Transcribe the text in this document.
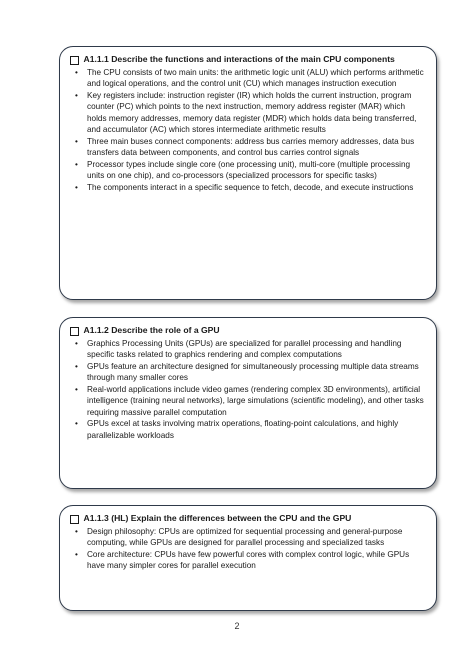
A1.1.1 Describe the functions and interactions of the main CPU components
• The CPU consists of two main units: the arithmetic logic unit (ALU) which performs arithmetic and logical operations, and the control unit (CU) which manages instruction execution
• Key registers include: instruction register (IR) which holds the current instruction, program counter (PC) which points to the next instruction, memory address register (MAR) which holds memory addresses, memory data register (MDR) which holds data being transferred, and accumulator (AC) which stores intermediate arithmetic results
• Three main buses connect components: address bus carries memory addresses, data bus transfers data between components, and control bus carries control signals
• Processor types include single core (one processing unit), multi-core (multiple processing units on one chip), and co-processors (specialized processors for specific tasks)
• The components interact in a specific sequence to fetch, decode, and execute instructions
A1.1.2 Describe the role of a GPU
• Graphics Processing Units (GPUs) are specialized for parallel processing and handling specific tasks related to graphics rendering and complex computations
• GPUs feature an architecture designed for simultaneously processing multiple data streams through many smaller cores
• Real-world applications include video games (rendering complex 3D environments), artificial intelligence (training neural networks), large simulations (scientific modeling), and other tasks requiring massive parallel computation
• GPUs excel at tasks involving matrix operations, floating-point calculations, and highly parallelizable workloads
A1.1.3 (HL) Explain the differences between the CPU and the GPU
• Design philosophy: CPUs are optimized for sequential processing and general-purpose computing, while GPUs are designed for parallel processing and specialized tasks
• Core architecture: CPUs have few powerful cores with complex control logic, while GPUs have many simpler cores for parallel execution
2
